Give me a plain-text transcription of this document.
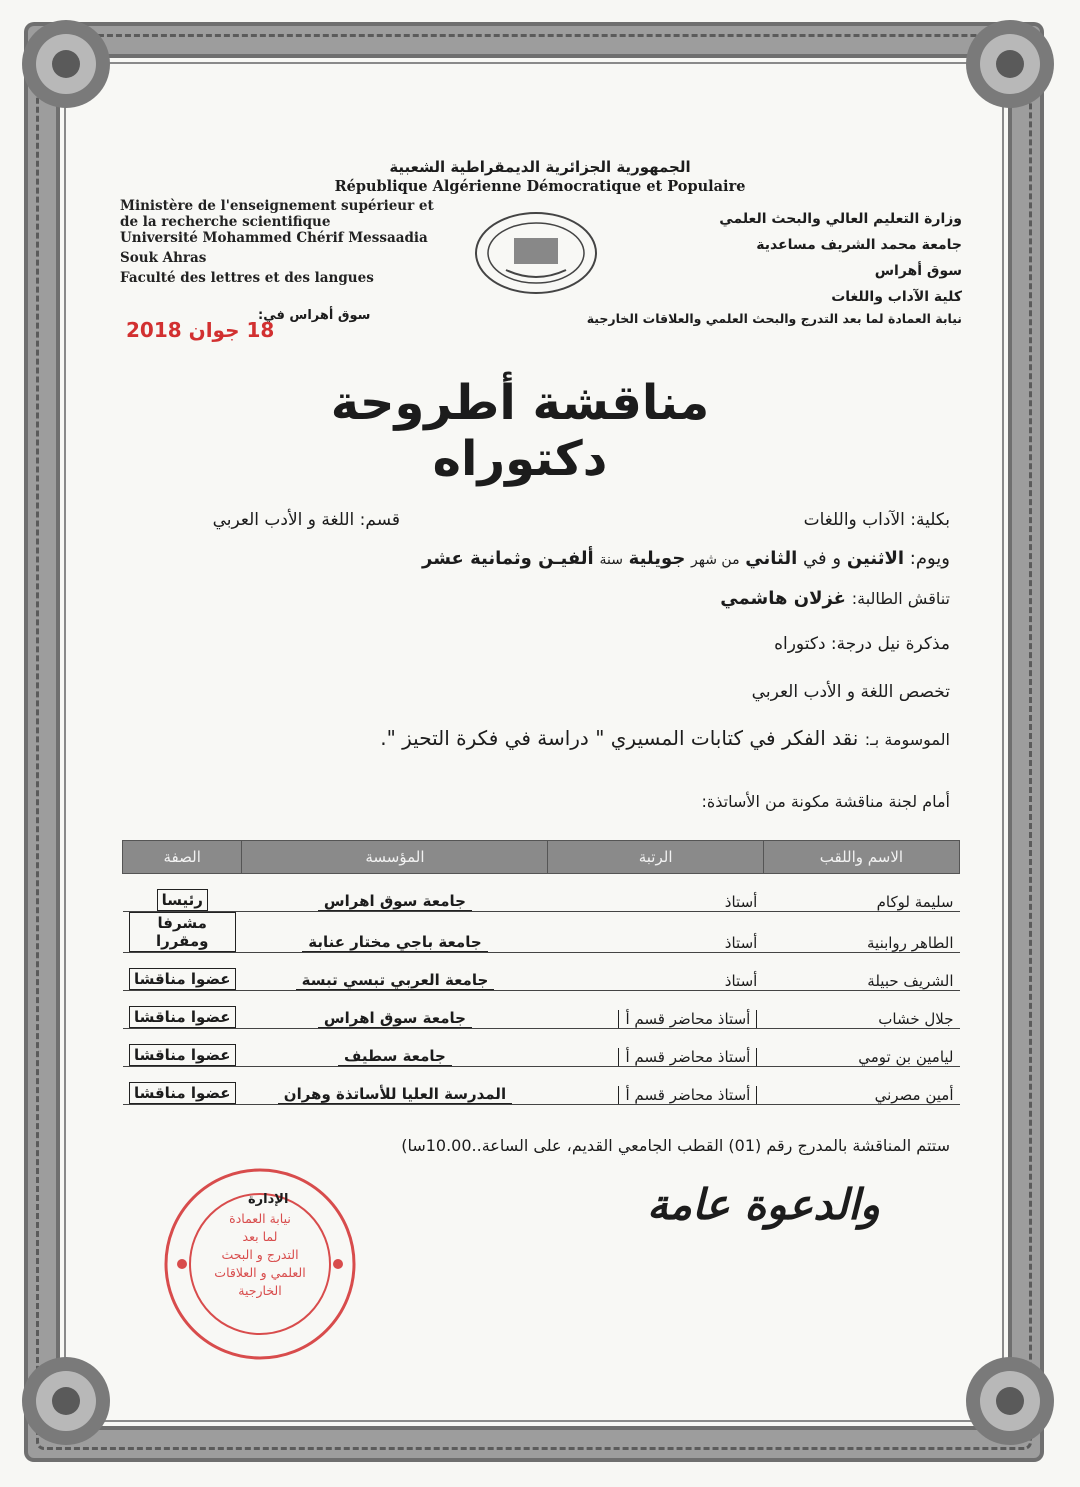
الجمهورية الجزائرية الديمقراطية الشعبية
République Algérienne Démocratique et Populaire
Ministère de l'enseignement supérieur et
de la recherche scientifique
Université Mohammed Chérif Messaadia
Souk Ahras
Faculté des lettres et des langues
وزارة التعليم العالي والبحث العلمي
جامعة محمد الشريف مساعدية
سوق أهراس
كلية الآداب واللغات
سوق أهراس في:
18 جوان 2018	نيابة العمادة لما بعد التدرج والبحث العلمي والعلاقات الخارجية
مناقشة أطروحة دكتوراه
بكلية: الآداب واللغات
قسم: اللغة و الأدب العربي
ويوم: الاثنين و في الثاني من شهر جويلية سنة ألفيـن وثمانية عشر
تناقش الطالبة: غزلان هاشمي
مذكرة نيل درجة: دكتوراه
تخصص اللغة و الأدب العربي
الموسومة بـ: نقد الفكر في كتابات المسيري " دراسة في فكرة التحيز ".
أمام لجنة مناقشة مكونة من الأساتذة:
الاسم واللقب	الرتبة	المؤسسة	الصفة
سليمة لوكام	أستاذ	جامعة سوق اهراس	رئيسا
الطاهر روابنية	أستاذ	جامعة باجي مختار عنابة	مشرفا ومقررا
الشريف حبيلة	أستاذ	جامعة العربي تبسي تبسة	عضوا مناقشا
جلال خشاب	أستاذ محاضر قسم أ	جامعة سوق اهراس	عضوا مناقشا
ليامين بن تومي	أستاذ محاضر قسم أ	جامعة سطيف	عضوا مناقشا
أمين مصرني	أستاذ محاضر قسم أ	المدرسة العليا للأساتذة وهران	عضوا مناقشا
ستتم المناقشة بالمدرج رقم (01) القطب الجامعي القديم، على الساعة..10.00سا)
والدعوة عامة
نيابة العمادة
لما بعد
التدرج و البحث
العلمي و العلاقات
الخارجية
الإدارة
